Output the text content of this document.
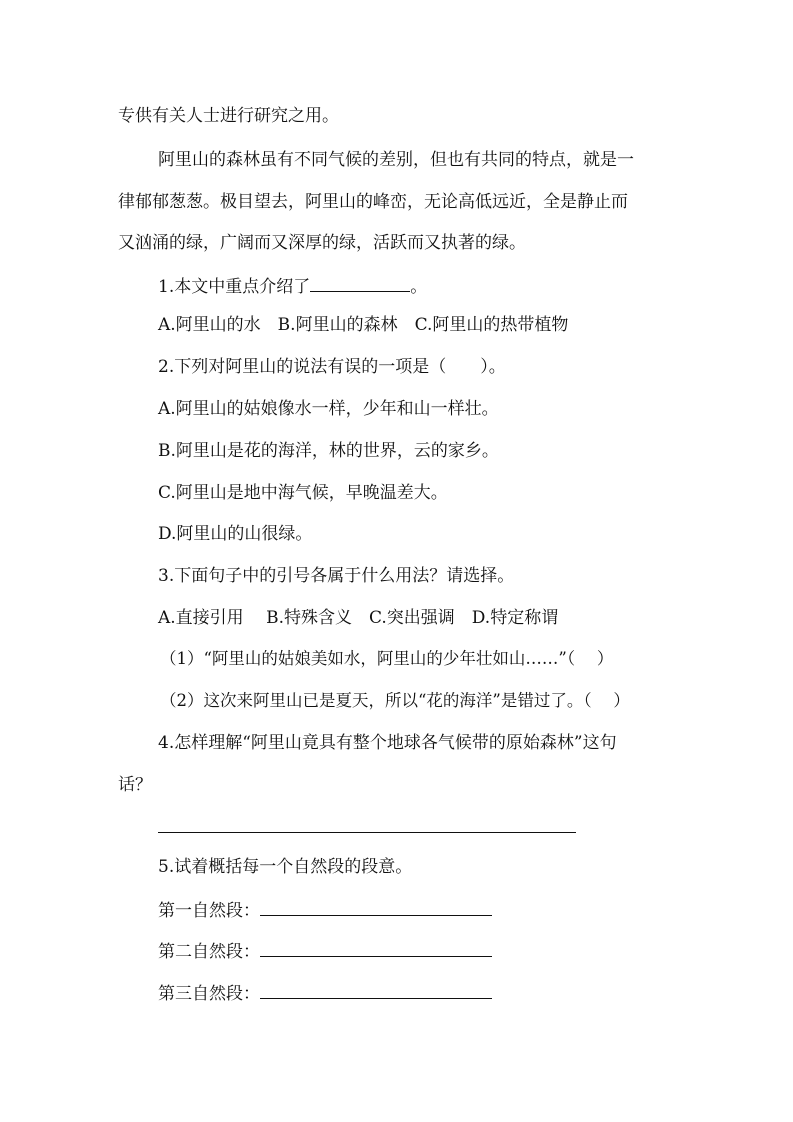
专供有关人士进行研究之用。
阿里山的森林虽有不同气候的差别，但也有共同的特点，就是一
律郁郁葱葱。极目望去，阿里山的峰峦，无论高低远近，全是静止而
又汹涌的绿，广阔而又深厚的绿，活跃而又执著的绿。
1.本文中重点介绍了	。
A.阿里山的水　B.阿里山的森林　C.阿里山的热带植物
2.下列对阿里山的说法有误的一项是（　　）。
A.阿里山的姑娘像水一样，少年和山一样壮。
B.阿里山是花的海洋，林的世界，云的家乡。
C.阿里山是地中海气候，早晚温差大。
D.阿里山的山很绿。
3.下面句子中的引号各属于什么用法？请选择。
A.直接引用　 B.特殊含义　C.突出强调　D.特定称谓
（1）“阿里山的姑娘美如水，阿里山的少年壮如山……”（　 ）
（2）这次来阿里山已是夏天，所以“花的海洋”是错过了。（　 ）
4.怎样理解“阿里山竟具有整个地球各气候带的原始森林”这句
话？
5.试着概括每一个自然段的段意。
第一自然段：
第二自然段：
第三自然段：
